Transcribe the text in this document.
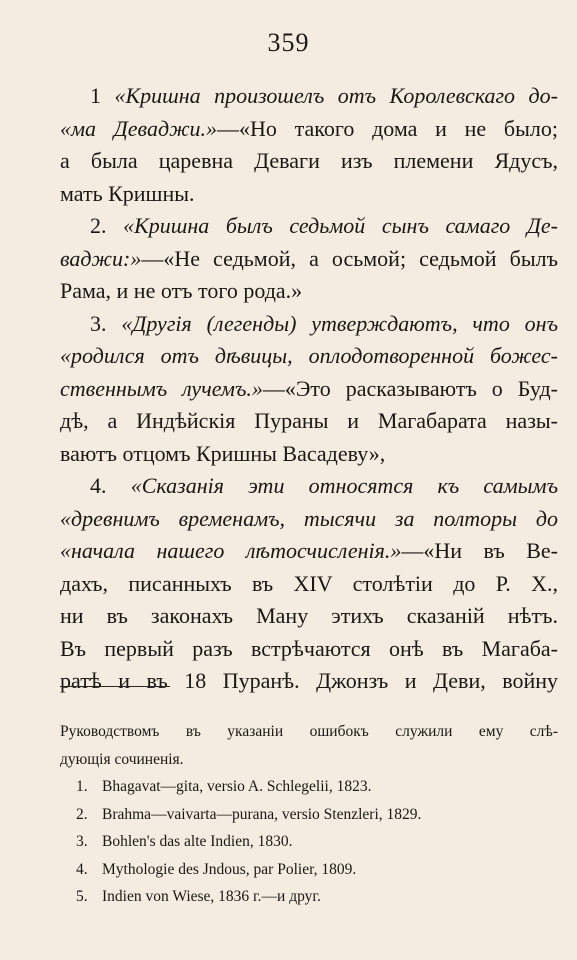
359
1 «Кришна произошелъ отъ Королевскаго до-
«ма Деваджи.»—«Но такого дома и не было;
а была царевна Деваги изъ племени Ядусъ,
мать Кришны.
2. «Кришна былъ седьмой сынъ самаго Де-
ваджи:»—«Не седьмой, а осьмой; седьмой былъ
Рама, и не отъ того рода.»
3. «Другія (легенды) утверждаютъ, что онъ
«родился отъ дѣвицы, оплодотворенной божес-
ственнымъ лучемъ.»—«Это расказываютъ о Буд-
дѣ, а Индѣйскія Пураны и Магабарата назы-
ваютъ отцомъ Кришны Васадеву»,
4. «Сказанія эти относятся къ самымъ
«древнимъ временамъ, тысячи за полторы до
«начала нашего лѣтосчисленія.»—«Ни въ Ве-
дахъ, писанныхъ въ XIV столѣтіи до Р. Х.,
ни въ законахъ Ману этихъ сказаній нѣтъ.
Въ первый разъ встрѣчаются онѣ въ Магаба-
ратѣ и въ 18 Пуранѣ. Джонзъ и Деви, войну
Руководствомъ въ указаніи ошибокъ служили ему слѣ-
дующія сочиненія.
1. Bhagavat—gita, versio A. Schlegelii, 1823.
2. Brahma—vaivarta—purana, versio Stenzleri, 1829.
3. Bohlen's das alte Indien, 1830.
4. Mythologie des Jndous, par Polier, 1809.
5. Indien von Wiese, 1836 г.—и друг.
